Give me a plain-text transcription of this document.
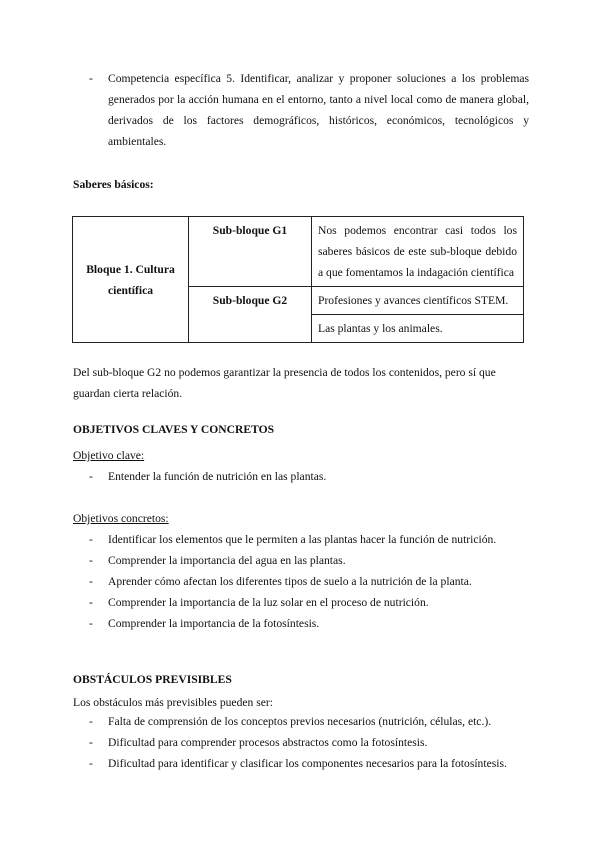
- Competencia específica 5. Identificar, analizar y proponer soluciones a los problemas generados por la acción humana en el entorno, tanto a nivel local como de manera global, derivados de los factores demográficos, históricos, económicos, tecnológicos y ambientales.
Saberes básicos:
Bloque 1. Cultura científica	Sub-bloque G1	Nos podemos encontrar casi todos los saberes básicos de este sub-bloque debido a que fomentamos la indagación científica
	Sub-bloque G2	Profesiones y avances científicos STEM.
		Las plantas y los animales.
Del sub-bloque G2 no podemos garantizar la presencia de todos los contenidos, pero sí que guardan cierta relación.
OBJETIVOS CLAVES Y CONCRETOS
Objetivo clave:
- Entender la función de nutrición en las plantas.
Objetivos concretos:
- Identificar los elementos que le permiten a las plantas hacer la función de nutrición.
- Comprender la importancia del agua en las plantas.
- Aprender cómo afectan los diferentes tipos de suelo a la nutrición de la planta.
- Comprender la importancia de la luz solar en el proceso de nutrición.
- Comprender la importancia de la fotosíntesis.
OBSTÁCULOS PREVISIBLES
Los obstáculos más previsibles pueden ser:
- Falta de comprensión de los conceptos previos necesarios (nutrición, células, etc.).
- Dificultad para comprender procesos abstractos como la fotosíntesis.
- Dificultad para identificar y clasificar los componentes necesarios para la fotosíntesis.
